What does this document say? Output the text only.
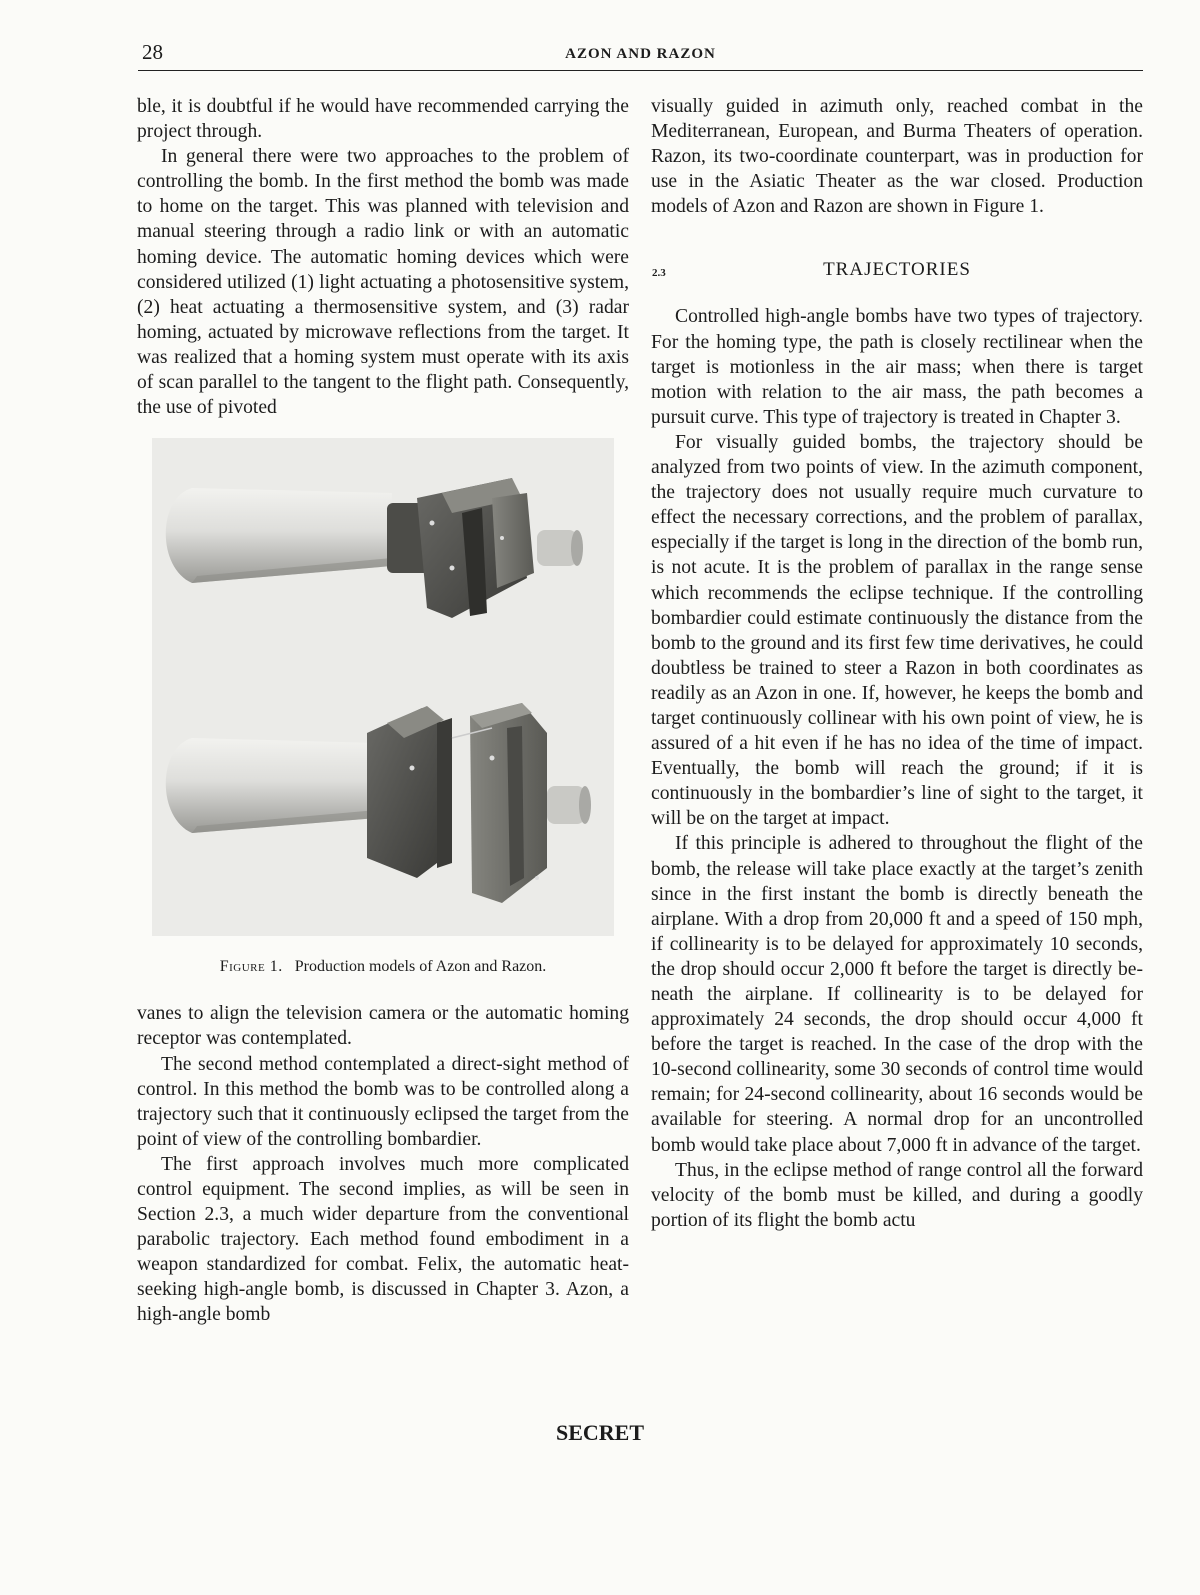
28	AZON AND RAZON

ble, it is doubtful if he would have recommended carrying the project through.

In general there were two approaches to the problem of controlling the bomb. In the first method the bomb was made to home on the target. This was planned with television and manual steering through a radio link or with an automatic homing device. The automatic homing devices which were considered utilized (1) light actuating a photosensitive system, (2) heat actuating a thermosensitive system, and (3) radar homing, actuated by microwave reflections from the target. It was realized that a homing system must operate with its axis of scan parallel to the tangent to the flight path. Consequently, the use of pivoted

Figure 1. Production models of Azon and Razon.

vanes to align the television camera or the automatic homing receptor was contemplated.

The second method contemplated a direct-sight method of control. In this method the bomb was to be controlled along a trajectory such that it continuously eclipsed the target from the point of view of the controlling bombardier.

The first approach involves much more complicated control equipment. The second implies, as will be seen in Section 2.3, a much wider departure from the conventional parabolic trajectory. Each method found embodiment in a weapon standardized for combat. Felix, the automatic heat-seeking high-angle bomb, is discussed in Chapter 3. Azon, a high-angle bomb

visually guided in azimuth only, reached combat in the Mediterranean, European, and Burma Theaters of operation. Razon, its two-coordinate counterpart, was in production for use in the Asiatic Theater as the war closed. Production models of Azon and Razon are shown in Figure 1.

2.3	TRAJECTORIES

Controlled high-angle bombs have two types of trajectory. For the homing type, the path is closely rectilinear when the target is motionless in the air mass; when there is target motion with relation to the air mass, the path becomes a pursuit curve. This type of trajectory is treated in Chapter 3.

For visually guided bombs, the trajectory should be analyzed from two points of view. In the azimuth component, the trajectory does not usually require much curvature to effect the necessary corrections, and the problem of parallax, especially if the target is long in the direction of the bomb run, is not acute. It is the problem of parallax in the range sense which recommends the eclipse technique. If the controlling bombardier could estimate continuously the distance from the bomb to the ground and its first few time derivatives, he could doubtless be trained to steer a Razon in both coordinates as readily as an Azon in one. If, however, he keeps the bomb and target continuously collinear with his own point of view, he is assured of a hit even if he has no idea of the time of impact. Eventually, the bomb will reach the ground; if it is continuously in the bombardier’s line of sight to the target, it will be on the target at impact.

If this principle is adhered to throughout the flight of the bomb, the release will take place exactly at the target’s zenith since in the first instant the bomb is directly beneath the airplane. With a drop from 20,000 ft and a speed of 150 mph, if collinearity is to be delayed for approximately 10 seconds, the drop should occur 2,000 ft before the target is directly beneath the airplane. If collinearity is to be delayed for approximately 24 seconds, the drop should occur 4,000 ft before the target is reached. In the case of the drop with the 10-second collinearity, some 30 seconds of control time would remain; for 24-second collinearity, about 16 seconds would be available for steering. A normal drop for an uncontrolled bomb would take place about 7,000 ft in advance of the target.

Thus, in the eclipse method of range control all the forward velocity of the bomb must be killed, and during a goodly portion of its flight the bomb actu

SECRET
